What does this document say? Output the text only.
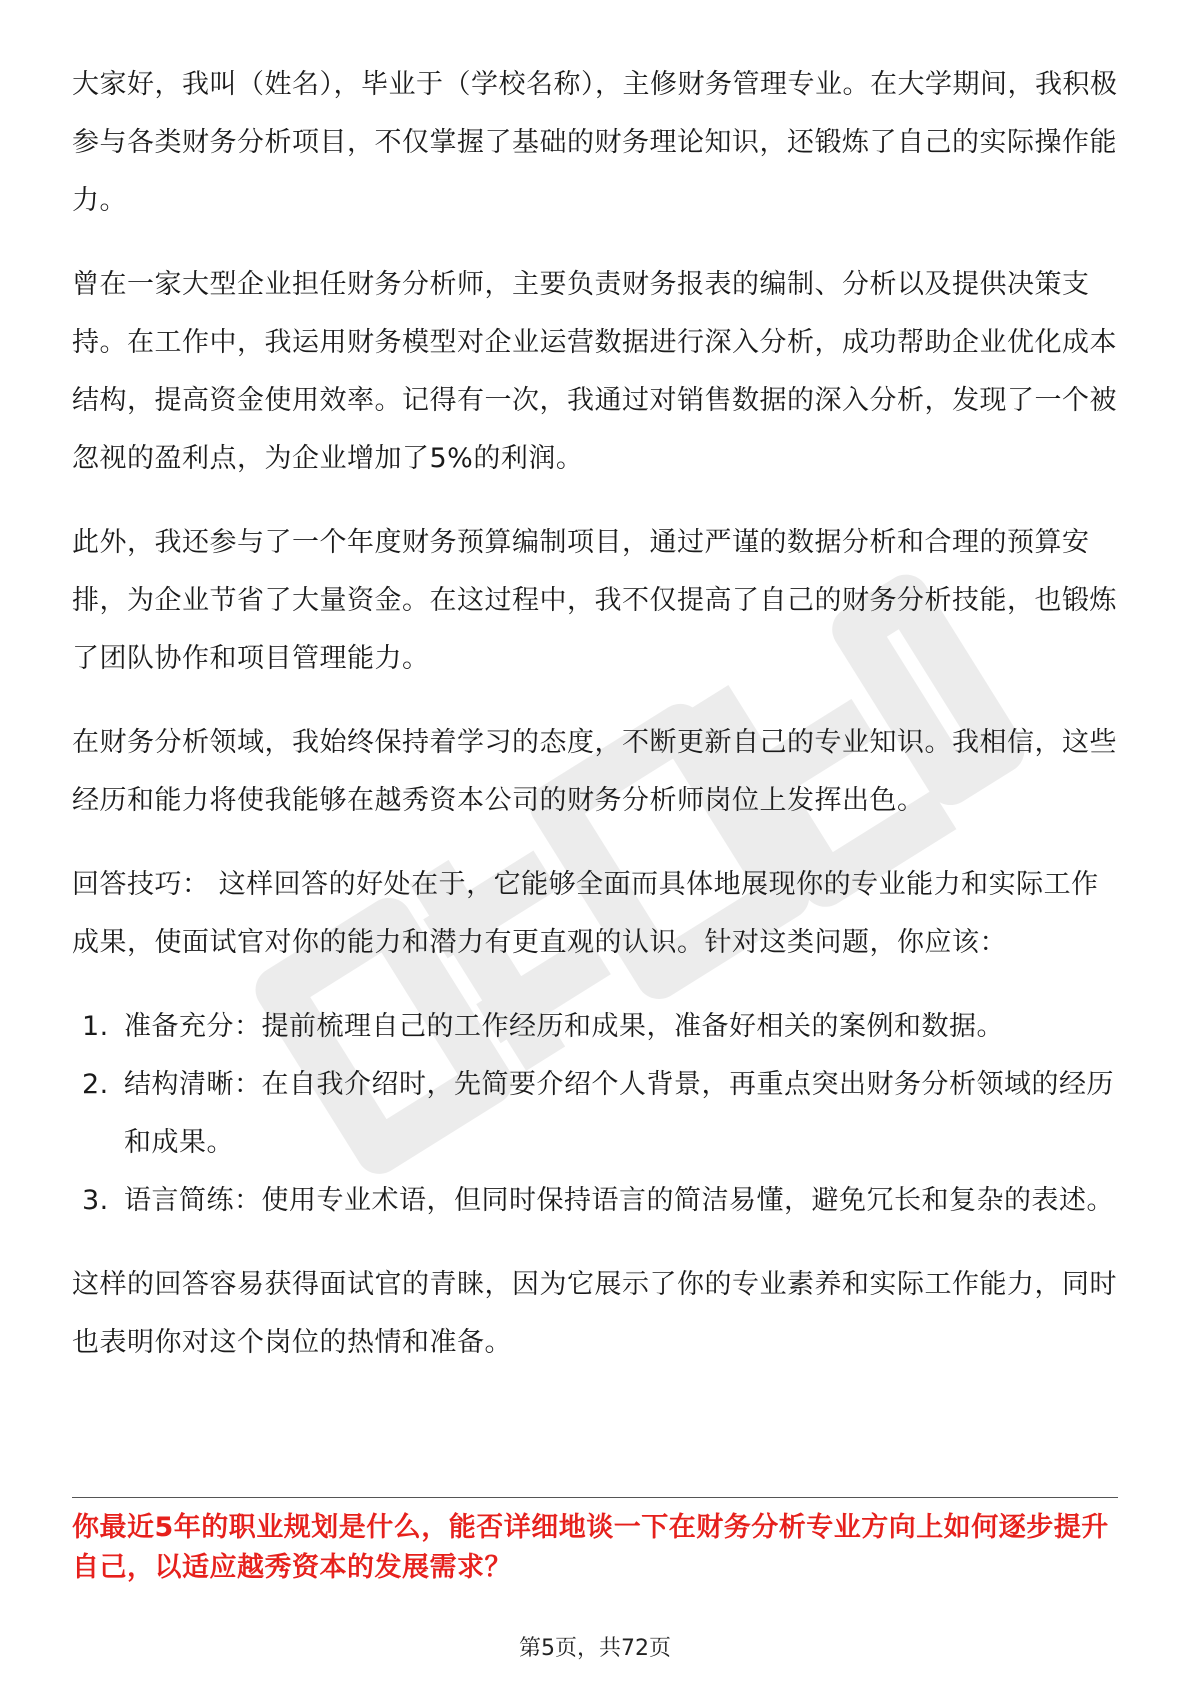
大家好，我叫（姓名），毕业于（学校名称），主修财务管理专业。在大学期间，我积极参与各类财务分析项目，不仅掌握了基础的财务理论知识，还锻炼了自己的实际操作能力。

曾在一家大型企业担任财务分析师，主要负责财务报表的编制、分析以及提供决策支持。在工作中，我运用财务模型对企业运营数据进行深入分析，成功帮助企业优化成本结构，提高资金使用效率。记得有一次，我通过对销售数据的深入分析，发现了一个被忽视的盈利点，为企业增加了5%的利润。

此外，我还参与了一个年度财务预算编制项目，通过严谨的数据分析和合理的预算安排，为企业节省了大量资金。在这过程中，我不仅提高了自己的财务分析技能，也锻炼了团队协作和项目管理能力。

在财务分析领域，我始终保持着学习的态度，不断更新自己的专业知识。我相信，这些经历和能力将使我能够在越秀资本公司的财务分析师岗位上发挥出色。

回答技巧： 这样回答的好处在于，它能够全面而具体地展现你的专业能力和实际工作成果，使面试官对你的能力和潜力有更直观的认识。针对这类问题，你应该：

1. 准备充分：提前梳理自己的工作经历和成果，准备好相关的案例和数据。
2. 结构清晰：在自我介绍时，先简要介绍个人背景，再重点突出财务分析领域的经历和成果。
3. 语言简练：使用专业术语，但同时保持语言的简洁易懂，避免冗长和复杂的表述。

这样的回答容易获得面试官的青睐，因为它展示了你的专业素养和实际工作能力，同时也表明你对这个岗位的热情和准备。

你最近5年的职业规划是什么，能否详细地谈一下在财务分析专业方向上如何逐步提升自己，以适应越秀资本的发展需求？

第5页，共72页
